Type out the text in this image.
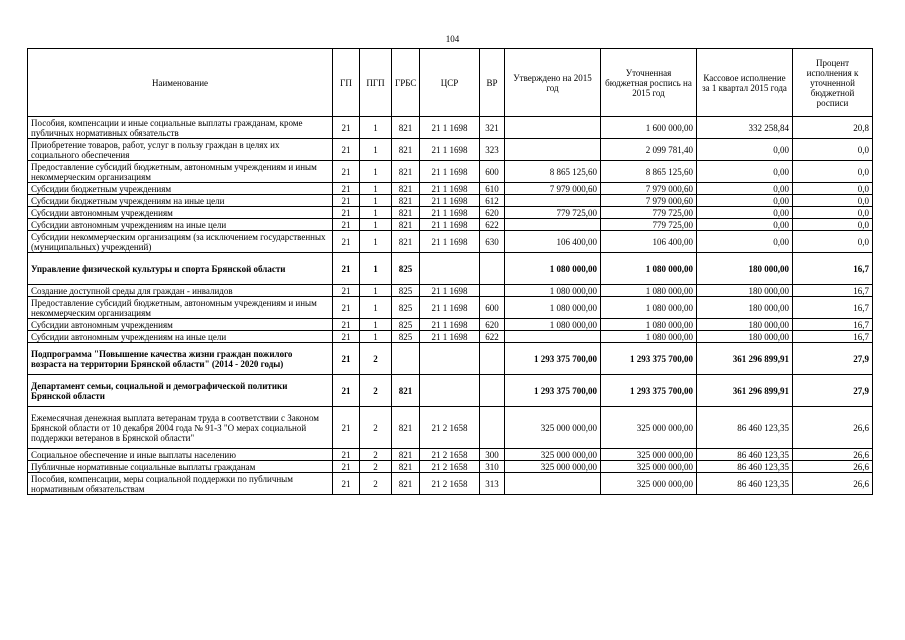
104
Наименование	ГП	ПГП	ГРБС	ЦСР	ВР	Утверждено на 2015 год	Уточненная бюджетная роспись на 2015 год	Кассовое исполнение за 1 квартал 2015 года	Процент исполнения к уточненной бюджетной росписи
Пособия, компенсации и иные социальные выплаты гражданам, кроме публичных нормативных обязательств	21	1	821	21 1 1698	321		1 600 000,00	332 258,84	20,8
Приобретение товаров, работ, услуг в пользу граждан в целях их социального обеспечения	21	1	821	21 1 1698	323		2 099 781,40	0,00	0,0
Предоставление субсидий бюджетным, автономным учреждениям и иным некоммерческим организациям	21	1	821	21 1 1698	600	8 865 125,60	8 865 125,60	0,00	0,0
Субсидии бюджетным учреждениям	21	1	821	21 1 1698	610	7 979 000,60	7 979 000,60	0,00	0,0
Субсидии бюджетным учреждениям на иные цели	21	1	821	21 1 1698	612		7 979 000,60	0,00	0,0
Субсидии автономным учреждениям	21	1	821	21 1 1698	620	779 725,00	779 725,00	0,00	0,0
Субсидии автономным учреждениям на иные цели	21	1	821	21 1 1698	622		779 725,00	0,00	0,0
Субсидии некоммерческим организациям (за исключением государственных (муниципальных) учреждений)	21	1	821	21 1 1698	630	106 400,00	106 400,00	0,00	0,0
Управление физической культуры и спорта Брянской области	21	1	825			1 080 000,00	1 080 000,00	180 000,00	16,7
Создание доступной среды для граждан - инвалидов	21	1	825	21 1 1698		1 080 000,00	1 080 000,00	180 000,00	16,7
Предоставление субсидий бюджетным, автономным учреждениям и иным некоммерческим организациям	21	1	825	21 1 1698	600	1 080 000,00	1 080 000,00	180 000,00	16,7
Субсидии автономным учреждениям	21	1	825	21 1 1698	620	1 080 000,00	1 080 000,00	180 000,00	16,7
Субсидии автономным учреждениям на иные цели	21	1	825	21 1 1698	622		1 080 000,00	180 000,00	16,7
Подпрограмма "Повышение качества жизни граждан пожилого возраста на территории Брянской области" (2014 - 2020 годы)	21	2				1 293 375 700,00	1 293 375 700,00	361 296 899,91	27,9
Департамент семьи, социальной и демографической политики Брянской области	21	2	821			1 293 375 700,00	1 293 375 700,00	361 296 899,91	27,9
Ежемесячная денежная выплата ветеранам труда в соответствии с Законом Брянской области от 10 декабря 2004 года № 91-З "О мерах социальной поддержки ветеранов в Брянской области"	21	2	821	21 2 1658		325 000 000,00	325 000 000,00	86 460 123,35	26,6
Социальное обеспечение и иные выплаты населению	21	2	821	21 2 1658	300	325 000 000,00	325 000 000,00	86 460 123,35	26,6
Публичные нормативные социальные выплаты гражданам	21	2	821	21 2 1658	310	325 000 000,00	325 000 000,00	86 460 123,35	26,6
Пособия, компенсации, меры социальной поддержки по публичным нормативным обязательствам	21	2	821	21 2 1658	313		325 000 000,00	86 460 123,35	26,6
